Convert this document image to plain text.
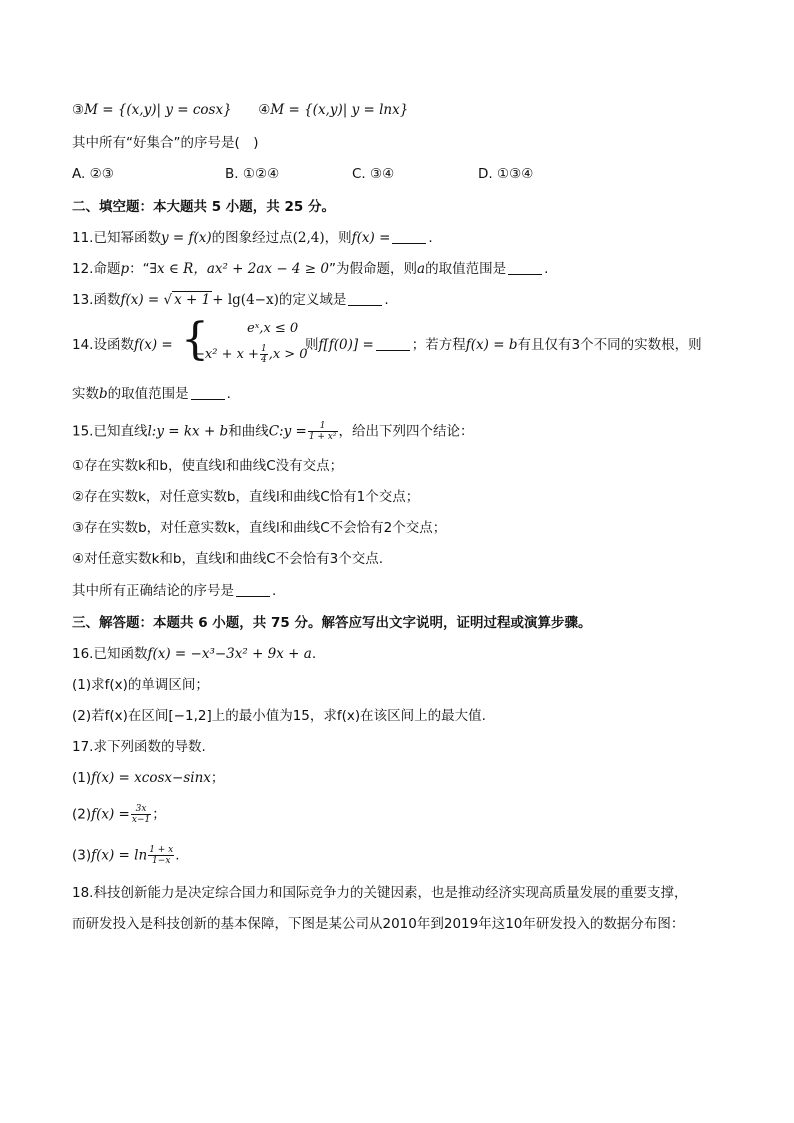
③M = {(x,y)| y = cosx} ④M = {(x,y)| y = lnx}
其中所有“好集合”的序号是(　)
A. ②③	B. ①②④	C. ③④	D. ①③④
二、填空题：本大题共 5 小题，共 25 分。
11.已知幂函数y = f(x)的图象经过点(2,4)，则f(x) =	.
12.命题p：“∃x ∈ R，ax² + 2ax − 4 ≥ 0”为假命题，则a的取值范围是	.
13.函数f(x) = √ x + 1 + lg(4−x)的定义域是	.
14.设函数f(x) =	则f[f(0)] =	；若方程f(x) = b有且仅有3个不同的实数根，则
{	eˣ,x ≤ 0
$-x^2 + x + \frac{1}{4} ,x > 0$
实数b的取值范围是	.
15.已知直线l:y = kx + b和曲线C:y = $\frac{1}{\text{1 + x²}}$ ，给出下列四个结论：
①存在实数k和b，使直线l和曲线C没有交点；
②存在实数k，对任意实数b，直线l和曲线C恰有1个交点；
③存在实数b，对任意实数k，直线l和曲线C不会恰有2个交点；
④对任意实数k和b，直线l和曲线C不会恰有3个交点.
其中所有正确结论的序号是	.
三、解答题：本题共 6 小题，共 75 分。解答应写出文字说明，证明过程或演算步骤。
16.已知函数f(x) = −x³−3x² + 9x + a.
(1)求f(x)的单调区间；
(2)若f(x)在区间[−1,2]上的最小值为15，求f(x)在该区间上的最大值.
17.求下列函数的导数.
(1)f(x) = xcosx−sinx；
$(2)f(x) = \frac{3x}{x-1}$ ；
$(3)f(x) = \ln \frac{1 + x}{1-x}$ .
18.科技创新能力是决定综合国力和国际竞争力的关键因素，也是推动经济实现高质量发展的重要支撑，
而研发投入是科技创新的基本保障，下图是某公司从2010年到2019年这10年研发投入的数据分布图：
